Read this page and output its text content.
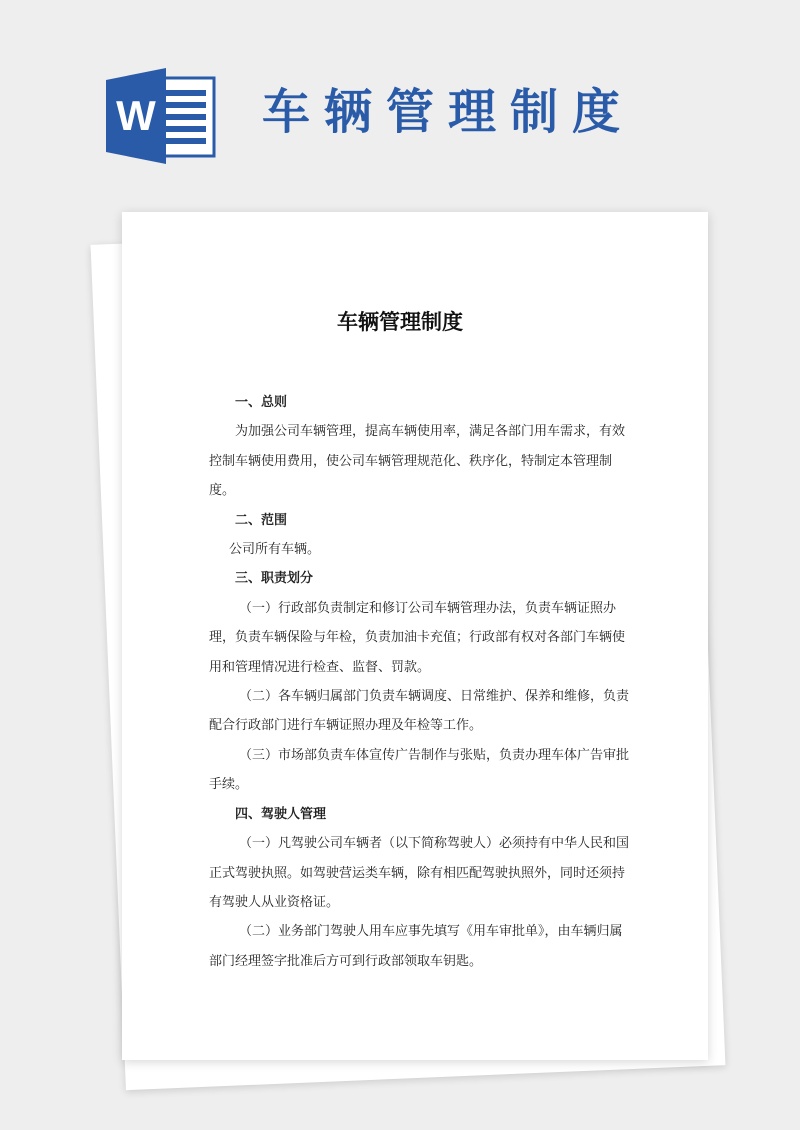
W 车辆管理制度
车辆管理制度

一、总则

为加强公司车辆管理，提高车辆使用率，满足各部门用车需求，有效控制车辆使用费用，使公司车辆管理规范化、秩序化，特制定本管理制度。

二、范围

公司所有车辆。

三、职责划分

（一）行政部负责制定和修订公司车辆管理办法，负责车辆证照办理，负责车辆保险与年检，负责加油卡充值；行政部有权对各部门车辆使用和管理情况进行检查、监督、罚款。

（二）各车辆归属部门负责车辆调度、日常维护、保养和维修，负责配合行政部门进行车辆证照办理及年检等工作。

（三）市场部负责车体宣传广告制作与张贴，负责办理车体广告审批手续。

四、驾驶人管理

（一）凡驾驶公司车辆者（以下简称驾驶人）必须持有中华人民和国正式驾驶执照。如驾驶营运类车辆，除有相匹配驾驶执照外，同时还须持有驾驶人从业资格证。

（二）业务部门驾驶人用车应事先填写《用车审批单》，由车辆归属部门经理签字批准后方可到行政部领取车钥匙。
